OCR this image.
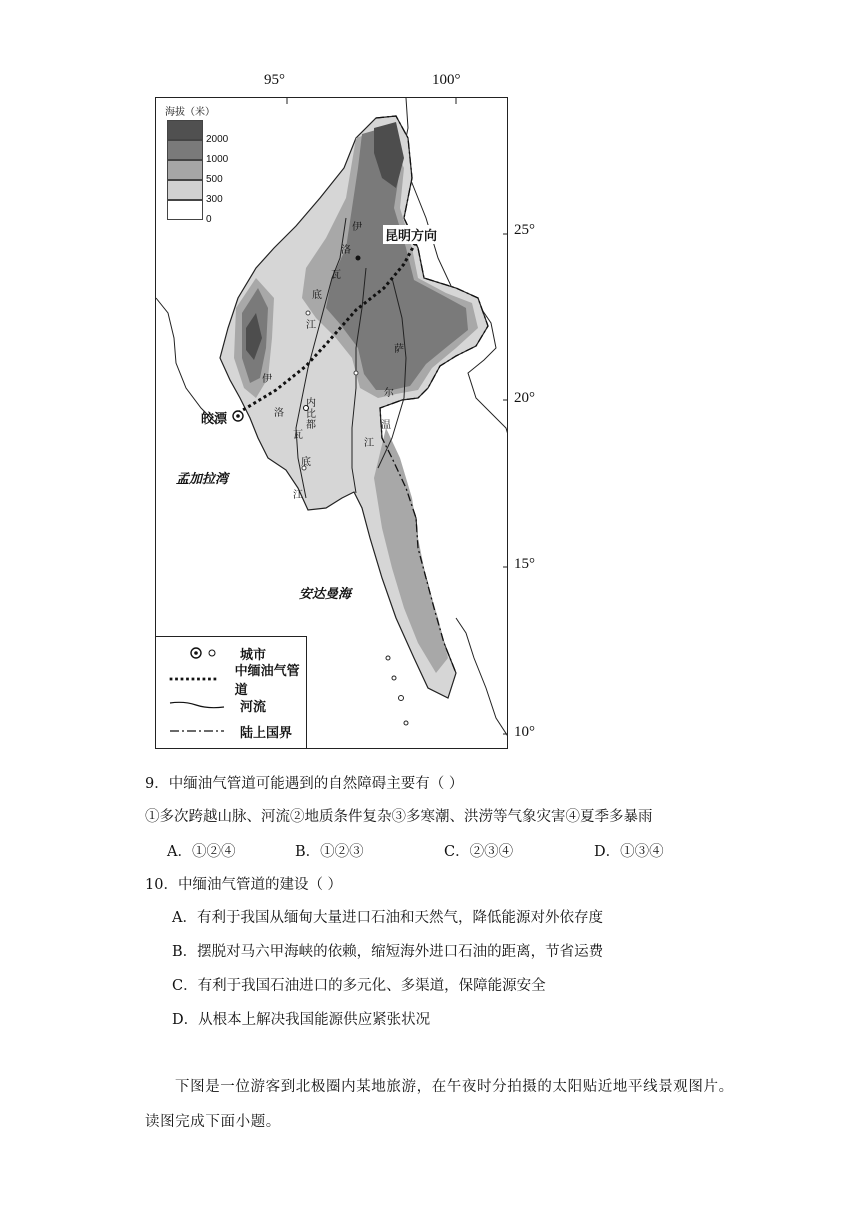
95°	100°
25°
20°
15°
10°
海拔（米）
2000
1000
500
300
0
昆明方向
皎漂
内比都
孟加拉湾
安达曼海
伊
洛
瓦
底
江
伊
洛
瓦
底
江
萨
尔
温
江
城市
中缅油气管道
河流
陆上国界
9．中缅油气管道可能遇到的自然障碍主要有（ ）
①多次跨越山脉、河流②地质条件复杂③多寒潮、洪涝等气象灾害④夏季多暴雨
A．①②④	B．①②③	C．②③④	D．①③④
10．中缅油气管道的建设（ ）
A．有利于我国从缅甸大量进口石油和天然气，降低能源对外依存度
B．摆脱对马六甲海峡的依赖，缩短海外进口石油的距离，节省运费
C．有利于我国石油进口的多元化、多渠道，保障能源安全
D．从根本上解决我国能源供应紧张状况
下图是一位游客到北极圈内某地旅游，在午夜时分拍摄的太阳贴近地平线景观图片。
读图完成下面小题。
